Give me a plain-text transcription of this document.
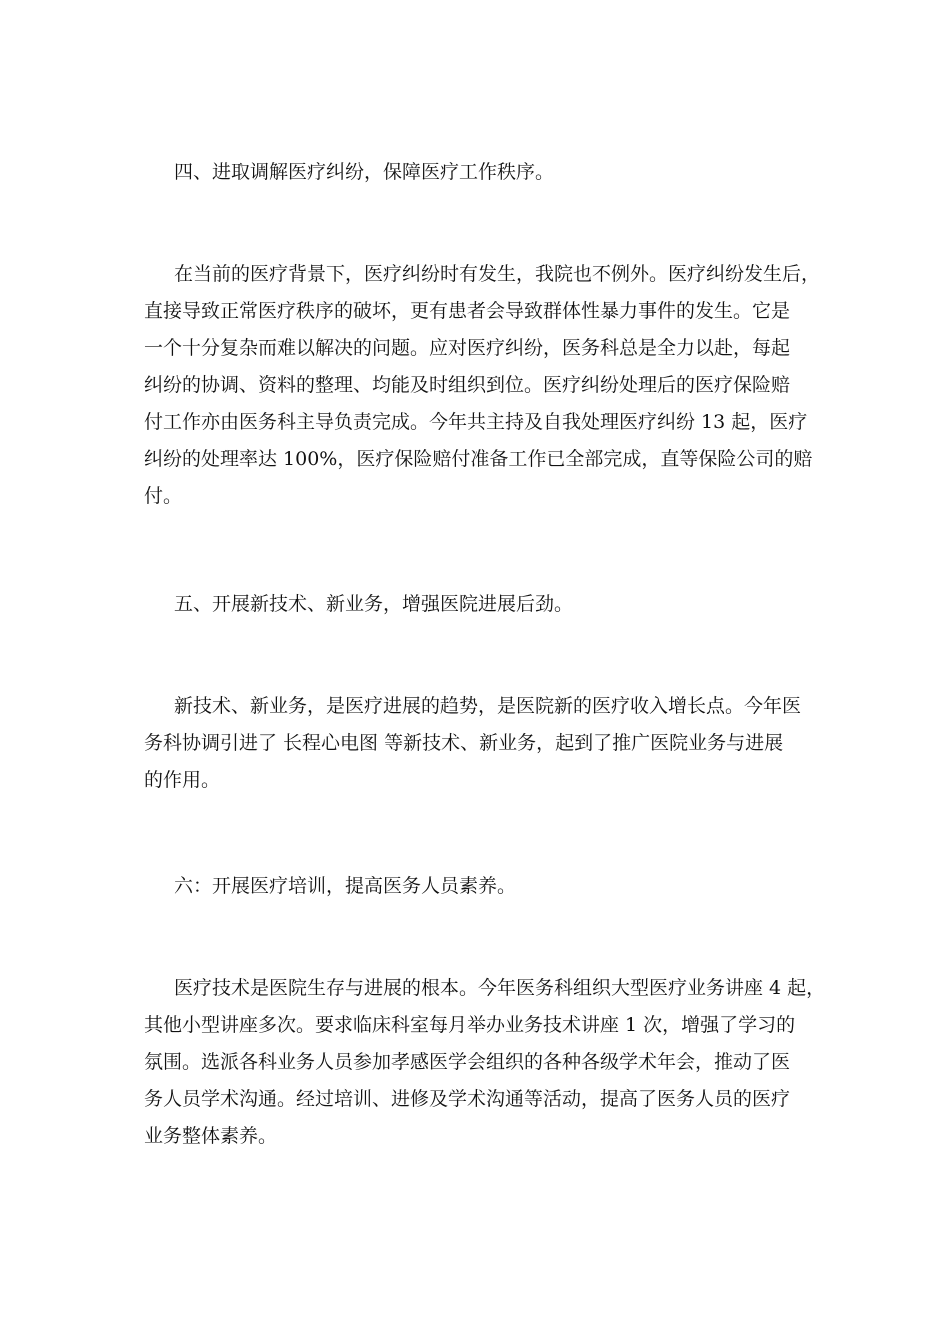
四、进取调解医疗纠纷，保障医疗工作秩序。
在当前的医疗背景下，医疗纠纷时有发生，我院也不例外。医疗纠纷发生后，
直接导致正常医疗秩序的破坏，更有患者会导致群体性暴力事件的发生。它是
一个十分复杂而难以解决的问题。应对医疗纠纷，医务科总是全力以赴，每起
纠纷的协调、资料的整理、均能及时组织到位。医疗纠纷处理后的医疗保险赔
付工作亦由医务科主导负责完成。今年共主持及自我处理医疗纠纷 13 起，医疗
纠纷的处理率达 100%，医疗保险赔付准备工作已全部完成，直等保险公司的赔
付。
五、开展新技术、新业务，增强医院进展后劲。
新技术、新业务，是医疗进展的趋势，是医院新的医疗收入增长点。今年医
务科协调引进了 长程心电图 等新技术、新业务，起到了推广医院业务与进展
的作用。
六：开展医疗培训，提高医务人员素养。
医疗技术是医院生存与进展的根本。今年医务科组织大型医疗业务讲座 4 起，
其他小型讲座多次。要求临床科室每月举办业务技术讲座 1 次，增强了学习的
氛围。选派各科业务人员参加孝感医学会组织的各种各级学术年会，推动了医
务人员学术沟通。经过培训、进修及学术沟通等活动，提高了医务人员的医疗
业务整体素养。
